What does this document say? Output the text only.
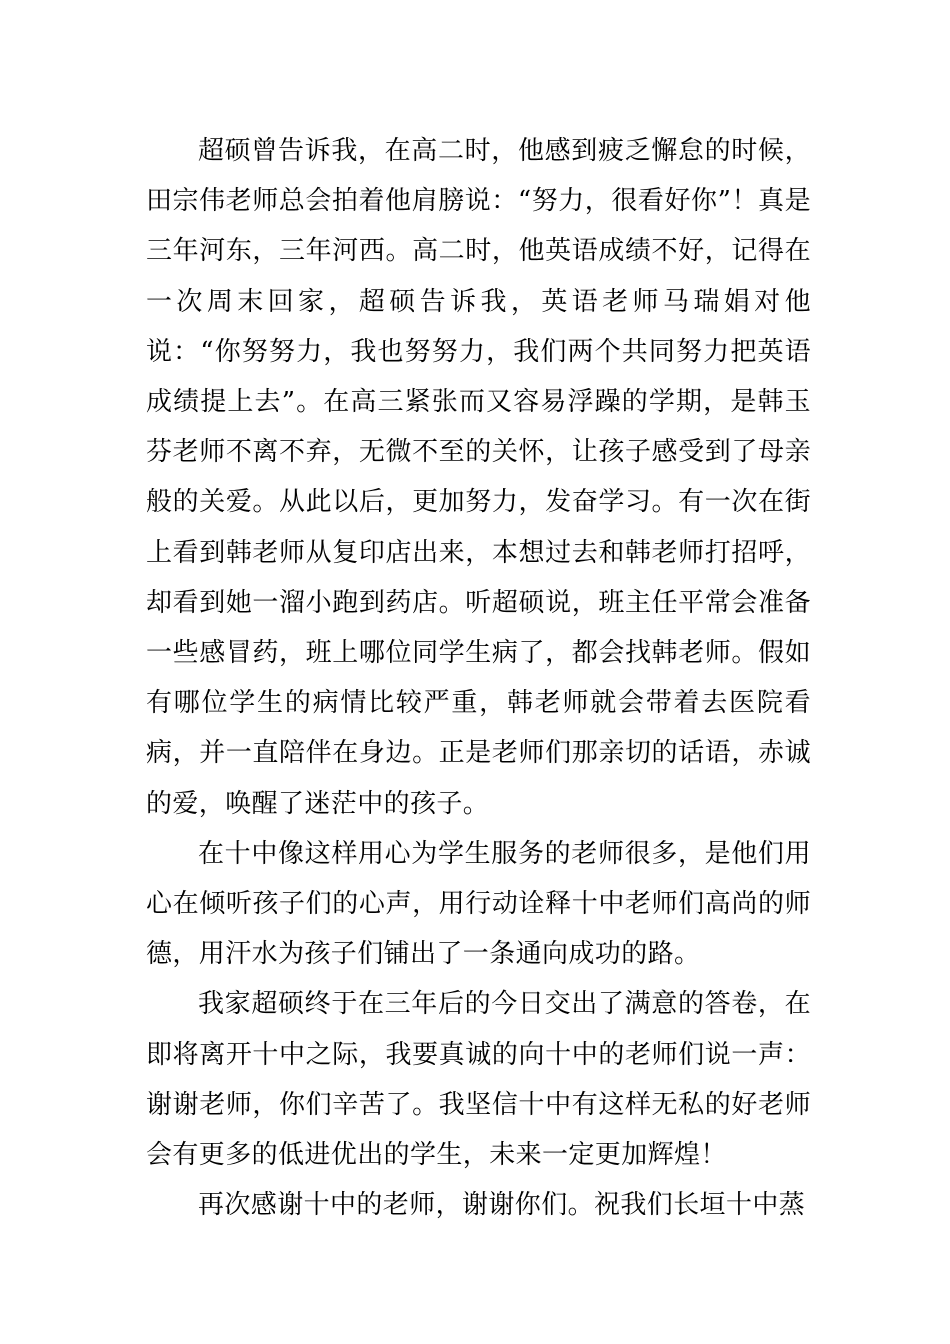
超硕曾告诉我，在高二时，他感到疲乏懈怠的时候，田宗伟老师总会拍着他肩膀说：“努力，很看好你”！真是三年河东，三年河西。高二时，他英语成绩不好，记得在一次周末回家，超硕告诉我，英语老师马瑞娟对他说：“你努努力，我也努努力，我们两个共同努力把英语成绩提上去”。在高三紧张而又容易浮躁的学期，是韩玉芬老师不离不弃，无微不至的关怀，让孩子感受到了母亲般的关爱。从此以后，更加努力，发奋学习。有一次在街上看到韩老师从复印店出来，本想过去和韩老师打招呼，却看到她一溜小跑到药店。听超硕说，班主任平常会准备一些感冒药，班上哪位同学生病了，都会找韩老师。假如有哪位学生的病情比较严重，韩老师就会带着去医院看病，并一直陪伴在身边。正是老师们那亲切的话语，赤诚的爱，唤醒了迷茫中的孩子。

在十中像这样用心为学生服务的老师很多，是他们用心在倾听孩子们的心声，用行动诠释十中老师们高尚的师德，用汗水为孩子们铺出了一条通向成功的路。

我家超硕终于在三年后的今日交出了满意的答卷，在即将离开十中之际，我要真诚的向十中的老师们说一声：谢谢老师，你们辛苦了。我坚信十中有这样无私的好老师会有更多的低进优出的学生，未来一定更加辉煌！

再次感谢十中的老师，谢谢你们。祝我们长垣十中蒸
